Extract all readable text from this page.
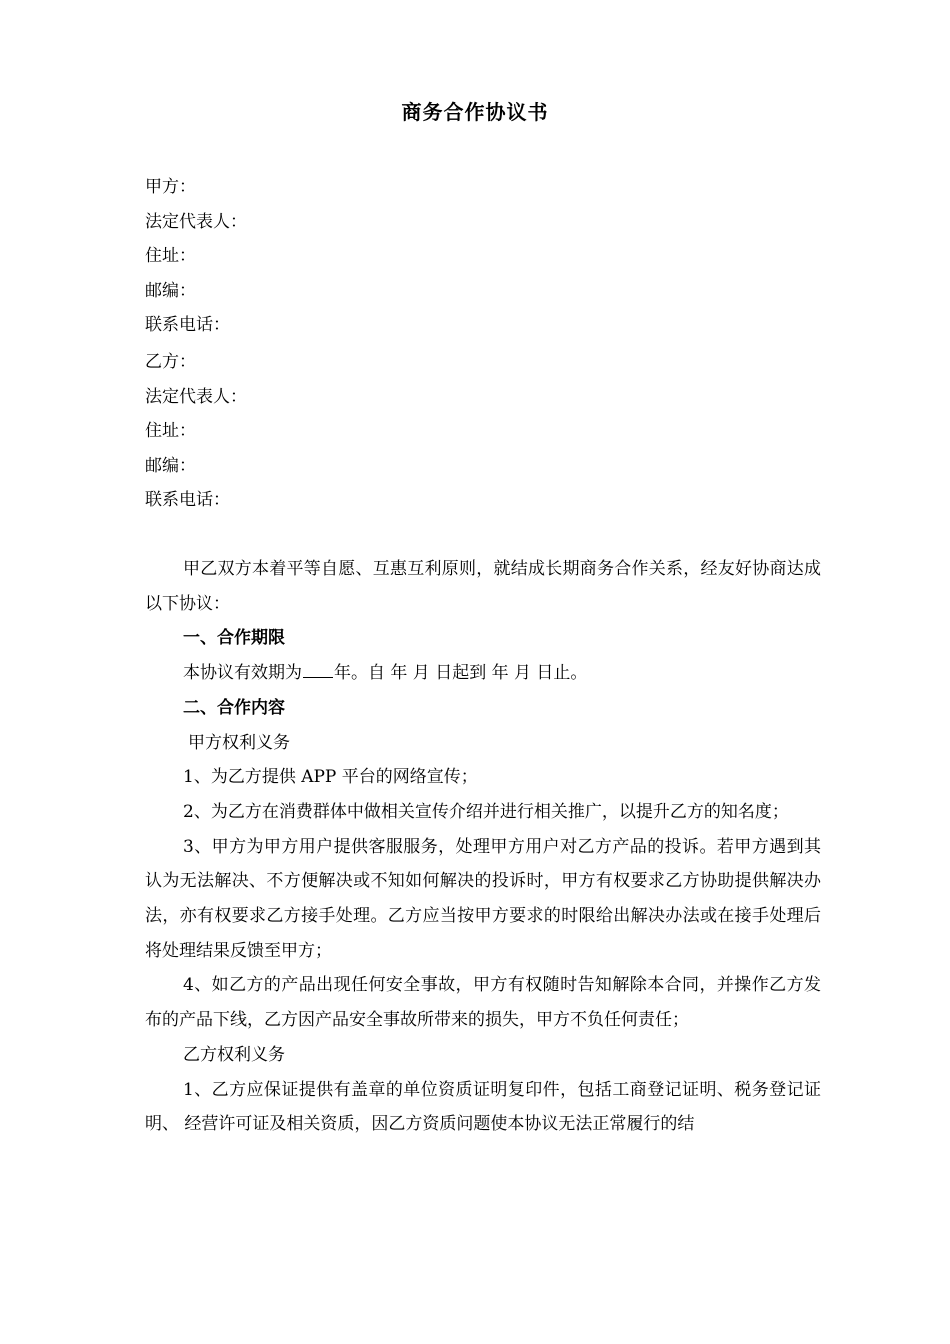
商务合作协议书
甲方：
法定代表人：
住址：
邮编：
联系电话：
乙方：
法定代表人：
住址：
邮编：
联系电话：

甲乙双方本着平等自愿、互惠互利原则，就结成长期商务合作关系，经友好协商达成以下协议：

一、合作期限

本协议有效期为 年。自 年 月 日起到 年 月 日止。

二、合作内容

甲方权利义务

1、为乙方提供 APP 平台的网络宣传；

2、为乙方在消费群体中做相关宣传介绍并进行相关推广，以提升乙方的知名度；

3、甲方为甲方用户提供客服服务，处理甲方用户对乙方产品的投诉。若甲方遇到其认为无法解决、不方便解决或不知如何解决的投诉时，甲方有权要求乙方协助提供解决办法，亦有权要求乙方接手处理。乙方应当按甲方要求的时限给出解决办法或在接手处理后将处理结果反馈至甲方；

4、如乙方的产品出现任何安全事故，甲方有权随时告知解除本合同，并操作乙方发布的产品下线，乙方因产品安全事故所带来的损失，甲方不负任何责任；

乙方权利义务

1、乙方应保证提供有盖章的单位资质证明复印件，包括工商登记证明、税务登记证明、 经营许可证及相关资质，因乙方资质问题使本协议无法正常履行的结
